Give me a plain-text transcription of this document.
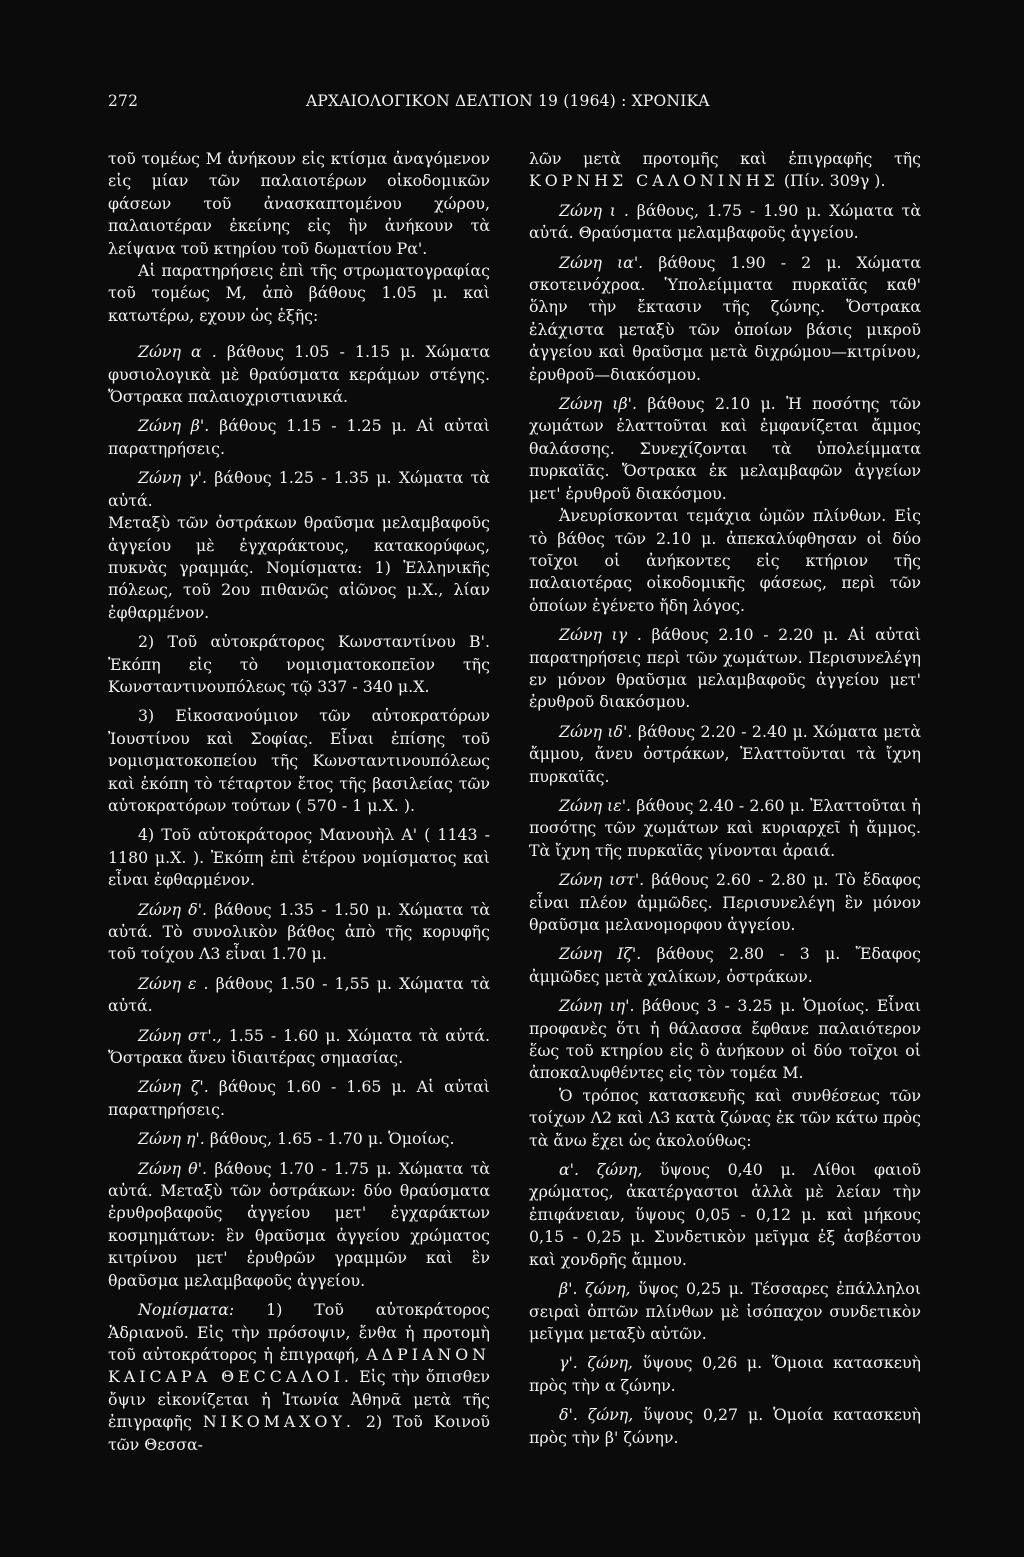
272	ΑΡΧΑΙΟΛΟΓΙΚΟΝ ΔΕΛΤΙΟΝ 19 (1964) : ΧΡΟΝΙΚΑ

τοῦ τομέως Μ ἀνήκουν εἰς κτίσμα ἀναγόμενον εἰς μίαν τῶν παλαιοτέρων οἰκοδομικῶν φάσεων τοῦ ἀνασκαπτομένου χώρου, παλαιοτέραν ἐκείνης εἰς ἣν ἀνήκουν τὰ λείψανα τοῦ κτηρίου τοῦ δωματίου Ρα'.

Αἱ παρατηρήσεις ἐπὶ τῆς στρωματογραφίας τοῦ τομέως Μ, ἀπὸ βάθους 1.05 μ. καὶ κατωτέρω, εχουν ὡς ἑξῆς:

Ζώνη α . βάθους 1.05 - 1.15 μ. Χώματα φυσιολογικὰ μὲ θραύσματα κεράμων στέγης. Ὄστρακα παλαιοχριστιανικά.

Ζώνη β'. βάθους 1.15 - 1.25 μ. Αἱ αὐταὶ παρατηρήσεις.

Ζώνη γ'. βάθους 1.25 - 1.35 μ. Χώματα τὰ αὐτά.

Μεταξὺ τῶν ὀστράκων θραῦσμα μελαμβαφοῦς ἀγγείου μὲ ἐγχαράκτους, κατακορύφως, πυκνὰς γραμμάς. Νομίσματα: 1) Ἑλληνικῆς πόλεως, τοῦ 2ου πιθανῶς αἰῶνος μ.Χ., λίαν ἐφθαρμένον.

2) Τοῦ αὐτοκράτορος Κωνσταντίνου Β'. Ἐκόπη εἰς τὸ νομισματοκοπεῖον τῆς Κωνσταντινουπόλεως τῷ 337 - 340 μ.Χ.

3) Εἰκοσανούμιον τῶν αὐτοκρατόρων Ἰουστίνου καὶ Σοφίας. Εἶναι ἐπίσης τοῦ νομισματοκοπείου τῆς Κωνσταντινουπόλεως καὶ ἐκόπη τὸ τέταρτον ἔτος τῆς βασιλείας τῶν αὐτοκρατόρων τούτων ( 570 - 1 μ.Χ. ).

4) Τοῦ αὐτοκράτορος Μανουὴλ Α' ( 1143 - 1180 μ.Χ. ). Ἐκόπη ἐπὶ ἑτέρου νομίσματος καὶ εἶναι ἐφθαρμένον.

Ζώνη δ'. βάθους 1.35 - 1.50 μ. Χώματα τὰ αὐτά. Τὸ συνολικὸν βάθος ἀπὸ τῆς κορυφῆς τοῦ τοίχου Λ3 εἶναι 1.70 μ.

Ζώνη ε . βάθους 1.50 - 1,55 μ. Χώματα τὰ αὐτά.

Ζώνη στ'., 1.55 - 1.60 μ. Χώματα τὰ αὐτά. Ὄστρακα ἄνευ ἰδιαιτέρας σημασίας.

Ζώνη ζ'. βάθους 1.60 - 1.65 μ. Αἱ αὐταὶ παρατηρήσεις.

Ζώνη η'. βάθους, 1.65 - 1.70 μ. Ὁμοίως.

Ζώνη θ'. βάθους 1.70 - 1.75 μ. Χώματα τὰ αὐτά. Μεταξὺ τῶν ὀστράκων: δύο θραύσματα ἐρυθροβαφοῦς ἀγγείου μετ' ἐγχαράκτων κοσμημάτων: ἓν θραῦσμα ἀγγείου χρώματος κιτρίνου μετ' ἐρυθρῶν γραμμῶν καὶ ἓν θραῦσμα μελαμβαφοῦς ἀγγείου.

Νομίσματα: 1) Τοῦ αὐτοκράτορος Ἁδριανοῦ. Εἰς τὴν πρόσοψιν, ἔνθα ἡ προτομὴ τοῦ αὐτοκράτορος ἡ ἐπιγραφή, ΑΔΡΙΑΝΟΝ ΚΑΙCΑΡΑ ΘΕCCΑΛΟΙ. Εἰς τὴν ὄπισθεν ὄψιν εἰκονίζεται ἡ Ἰτωνία Ἀθηνᾶ μετὰ τῆς ἐπιγραφῆς ΝΙΚΟΜΑΧΟΥ. 2) Τοῦ Κοινοῦ τῶν Θεσσα-

λῶν μετὰ προτομῆς καὶ ἐπιγραφῆς τῆς ΚΟΡΝΗΣ CΑΛΟΝΙΝΗΣ (Πίν. 309γ ).

Ζώνη ι . βάθους, 1.75 - 1.90 μ. Χώματα τὰ αὐτά. Θραύσματα μελαμβαφοῦς ἀγγείου.

Ζώνη ια'. βάθους 1.90 - 2 μ. Χώματα σκοτεινόχροα. Ὑπολείμματα πυρκαϊᾶς καθ' ὅλην τὴν ἔκτασιν τῆς ζώνης. Ὄστρακα ἐλάχιστα μεταξὺ τῶν ὁποίων βάσις μικροῦ ἀγγείου καὶ θραῦσμα μετὰ διχρώμου—κιτρίνου, ἐρυθροῦ—διακόσμου.

Ζώνη ιβ'. βάθους 2.10 μ. Ἡ ποσότης τῶν χωμάτων ἐλαττοῦται καὶ ἐμφανίζεται ἄμμος θαλάσσης. Συνεχίζονται τὰ ὑπολείμματα πυρκαϊᾶς. Ὄστρακα ἐκ μελαμβαφῶν ἀγγείων μετ' ἐρυθροῦ διακόσμου.

Ἀνευρίσκονται τεμάχια ὠμῶν πλίνθων. Εἰς τὸ βάθος τῶν 2.10 μ. ἀπεκαλύφθησαν οἱ δύο τοῖχοι οἱ ἀνήκοντες εἰς κτήριον τῆς παλαιοτέρας οἰκοδομικῆς φάσεως, περὶ τῶν ὁποίων ἐγένετο ἤδη λόγος.

Ζώνη ιγ . βάθους 2.10 - 2.20 μ. Αἱ αὐταὶ παρατηρήσεις περὶ τῶν χωμάτων. Περισυνελέγη εν μόνον θραῦσμα μελαμβαφοῦς ἀγγείου μετ' ἐρυθροῦ διακόσμου.

Ζώνη ιδ'. βάθους 2.20 - 2.40 μ. Χώματα μετὰ ἄμμου, ἄνευ ὀστράκων, Ἐλαττοῦνται τὰ ἴχνη πυρκαϊᾶς.

Ζώνη ιε'. βάθους 2.40 - 2.60 μ. Ἐλαττοῦται ἡ ποσότης τῶν χωμάτων καὶ κυριαρχεῖ ἡ ἄμμος. Τὰ ἴχνη τῆς πυρκαϊᾶς γίνονται ἀραιά.

Ζώνη ιστ'. βάθους 2.60 - 2.80 μ. Τὸ ἔδαφος εἶναι πλέον ἀμμῶδες. Περισυνελέγη ἓν μόνον θραῦσμα μελανομορφου ἀγγείου.

Ζώνη Ιζ'. βάθους 2.80 - 3 μ. Ἔδαφος ἀμμῶδες μετὰ χαλίκων, ὀστράκων.

Ζώνη ιη'. βάθους 3 - 3.25 μ. Ὁμοίως. Εἶναι προφανὲς ὅτι ἡ θάλασσα ἔφθανε παλαιότερον ἕως τοῦ κτηρίου εἰς ὃ ἀνήκουν οἱ δύο τοῖχοι οἱ ἀποκαλυφθέντες εἰς τὸν τομέα Μ.

Ὁ τρόπος κατασκευῆς καὶ συνθέσεως τῶν τοίχων Λ2 καὶ Λ3 κατὰ ζώνας ἐκ τῶν κάτω πρὸς τὰ ἄνω ἔχει ὡς ἀκολούθως:

α'. ζώνη, ὕψους 0,40 μ. Λίθοι φαιοῦ χρώματος, ἀκατέργαστοι ἀλλὰ μὲ λείαν τὴν ἐπιφάνειαν, ὕψους 0,05 - 0,12 μ. καὶ μήκους 0,15 - 0,25 μ. Συνδετικὸν μεῖγμα ἐξ ἀσβέστου καὶ χονδρῆς ἄμμου.

β'. ζώνη, ὕψος 0,25 μ. Τέσσαρες ἐπάλληλοι σειραὶ ὀπτῶν πλίνθων μὲ ἰσόπαχον συνδετικὸν μεῖγμα μεταξὺ αὐτῶν.

γ'. ζώνη, ὕψους 0,26 μ. Ὅμοια κατασκευὴ πρὸς τὴν α ζώνην.

δ'. ζώνη, ὕψους 0,27 μ. Ὁμοία κατασκευὴ πρὸς τὴν β' ζώνην.
